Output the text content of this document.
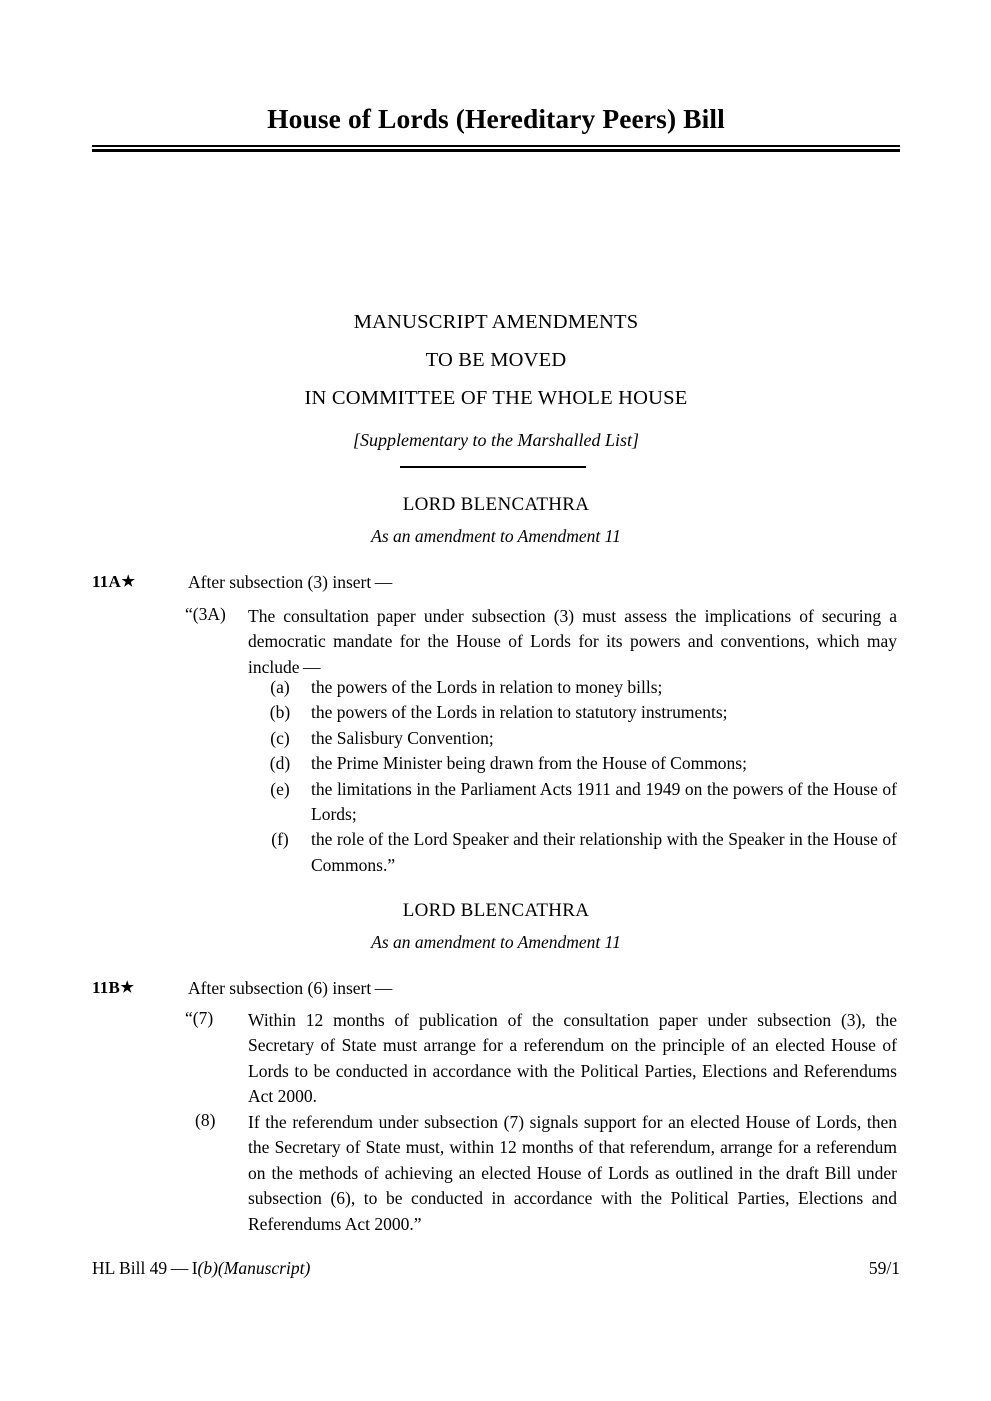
House of Lords (Hereditary Peers) Bill
MANUSCRIPT AMENDMENTS
TO BE MOVED
IN COMMITTEE OF THE WHOLE HOUSE
[Supplementary to the Marshalled List]
LORD BLENCATHRA
As an amendment to Amendment 11
11A★	After subsection (3) insert —
“(3A)	The consultation paper under subsection (3) must assess the implications of securing a democratic mandate for the House of Lords for its powers and conventions, which may include —
(a)	the powers of the Lords in relation to money bills;
(b)	the powers of the Lords in relation to statutory instruments;
(c)	the Salisbury Convention;
(d)	the Prime Minister being drawn from the House of Commons;
(e)	the limitations in the Parliament Acts 1911 and 1949 on the powers of the House of Lords;
(f)	the role of the Lord Speaker and their relationship with the Speaker in the House of Commons.”
LORD BLENCATHRA
As an amendment to Amendment 11
11B★	After subsection (6) insert —
“(7)	Within 12 months of publication of the consultation paper under subsection (3), the Secretary of State must arrange for a referendum on the principle of an elected House of Lords to be conducted in accordance with the Political Parties, Elections and Referendums Act 2000.
(8)	If the referendum under subsection (7) signals support for an elected House of Lords, then the Secretary of State must, within 12 months of that referendum, arrange for a referendum on the methods of achieving an elected House of Lords as outlined in the draft Bill under subsection (6), to be conducted in accordance with the Political Parties, Elections and Referendums Act 2000.”
HL Bill 49 — I(b)(Manuscript)	59/1
